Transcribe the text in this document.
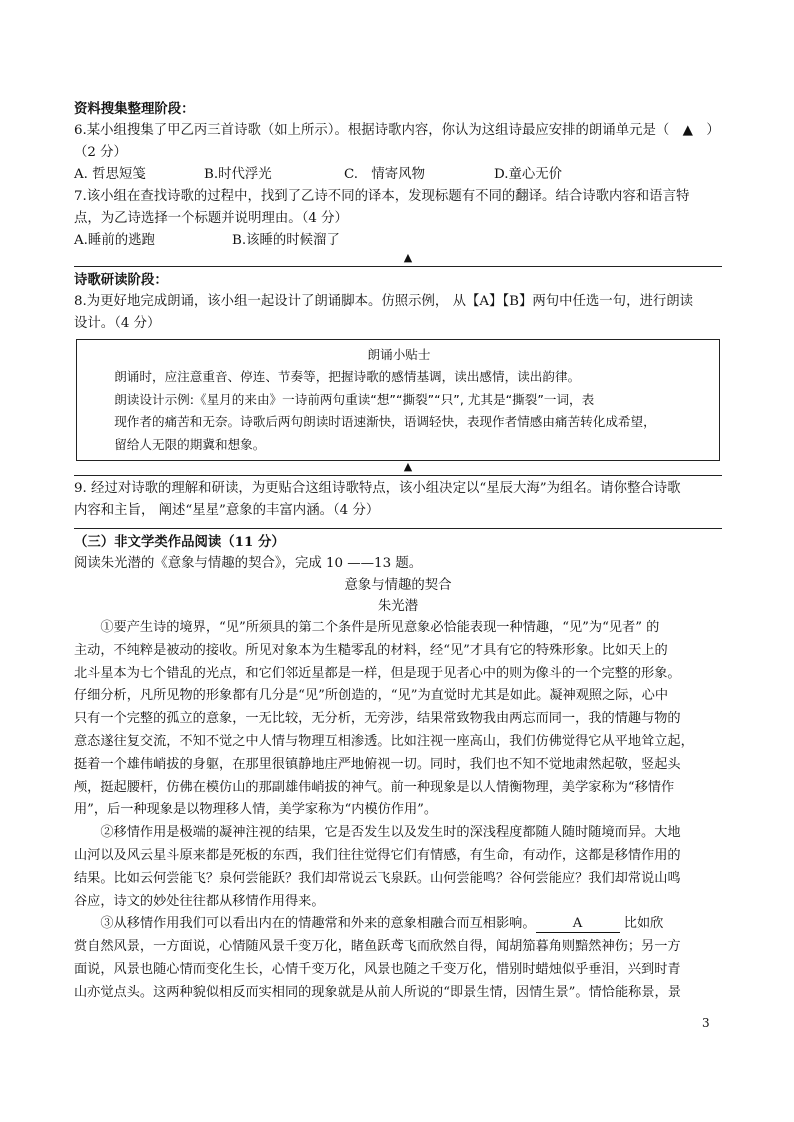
资料搜集整理阶段：
6.某小组搜集了甲乙丙三首诗歌（如上所示）。根据诗歌内容，你认为这组诗最应安排的朗诵单元是（　▲　）
（2 分）
A. 哲思短笺	B.时代浮光	C.　情寄风物	D.童心无价
7.该小组在查找诗歌的过程中，找到了乙诗不同的译本，发现标题有不同的翻译。结合诗歌内容和语言特
点，为乙诗选择一个标题并说明理由。（4 分）
A.睡前的逃跑	B.该睡的时候溜了
▲
诗歌研读阶段：
8.为更好地完成朗诵，该小组一起设计了朗诵脚本。仿照示例， 从【A】【B】两句中任选一句，进行朗读
设计。（4 分）
朗诵小贴士
　　朗诵时，应注意重音、停连、节奏等，把握诗歌的感情基调，读出感情，读出韵律。
　　朗读设计示例:《星月的来由》一诗前两句重读“想”“撕裂”“只”, 尤其是“撕裂”一词，表
　　现作者的痛苦和无奈。诗歌后两句朗读时语速渐快，语调轻快，表现作者情感由痛苦转化成希望，
　　留给人无限的期冀和想象。
▲
9. 经过对诗歌的理解和研读，为更贴合这组诗歌特点，该小组决定以“星辰大海”为组名。请你整合诗歌
内容和主旨， 阐述“星星”意象的丰富内涵。（4 分）
（三）非文学类作品阅读（11 分）
阅读朱光潜的《意象与情趣的契合》，完成 10 ——13 题。
意象与情趣的契合
朱光潜
　　①要产生诗的境界，“见”所须具的第二个条件是所见意象必恰能表现一种情趣，“见”为“见者” 的
主动，不纯粹是被动的接收。所见对象本为生糙零乱的材料，经“见”才具有它的特殊形象。比如天上的
北斗星本为七个错乱的光点，和它们邻近星都是一样，但是现于见者心中的则为像斗的一个完整的形象。
仔细分析，凡所见物的形象都有几分是“见”所创造的，“见”为直觉时尤其是如此。凝神观照之际，心中
只有一个完整的孤立的意象，一无比较，无分析，无旁涉，结果常致物我由两忘而同一，我的情趣与物的
意态遂往复交流，不知不觉之中人情与物理互相渗透。比如注视一座高山，我们仿佛觉得它从平地耸立起，
挺着一个雄伟峭拔的身躯，在那里很镇静地庄严地俯视一切。同时，我们也不知不觉地肃然起敬，竖起头
颅，挺起腰杆，仿佛在模仿山的那副雄伟峭拔的神气。前一种现象是以人情衡物理，美学家称为“移情作
用”，后一种现象是以物理移人情，美学家称为“内模仿作用”。
　　②移情作用是极端的凝神注视的结果，它是否发生以及发生时的深浅程度都随人随时随境而异。大地
山河以及风云星斗原来都是死板的东西，我们往往觉得它们有情感，有生命，有动作，这都是移情作用的
结果。比如云何尝能飞？泉何尝能跃？我们却常说云飞泉跃。山何尝能鸣？谷何尝能应？我们却常说山鸣
谷应，诗文的妙处往往都从移情作用得来。
　　③从移情作用我们可以看出内在的情趣常和外来的意象相融合而互相影响。	A	比如欣
赏自然风景，一方面说，心情随风景千变万化，睹鱼跃鸢飞而欣然自得，闻胡笳暮角则黯然神伤；另一方
面说，风景也随心情而变化生长，心情千变万化，风景也随之千变万化，惜别时蜡烛似乎垂泪，兴到时青
山亦觉点头。这两种貌似相反而实相同的现象就是从前人所说的“即景生情，因情生景”。情恰能称景，景
3
